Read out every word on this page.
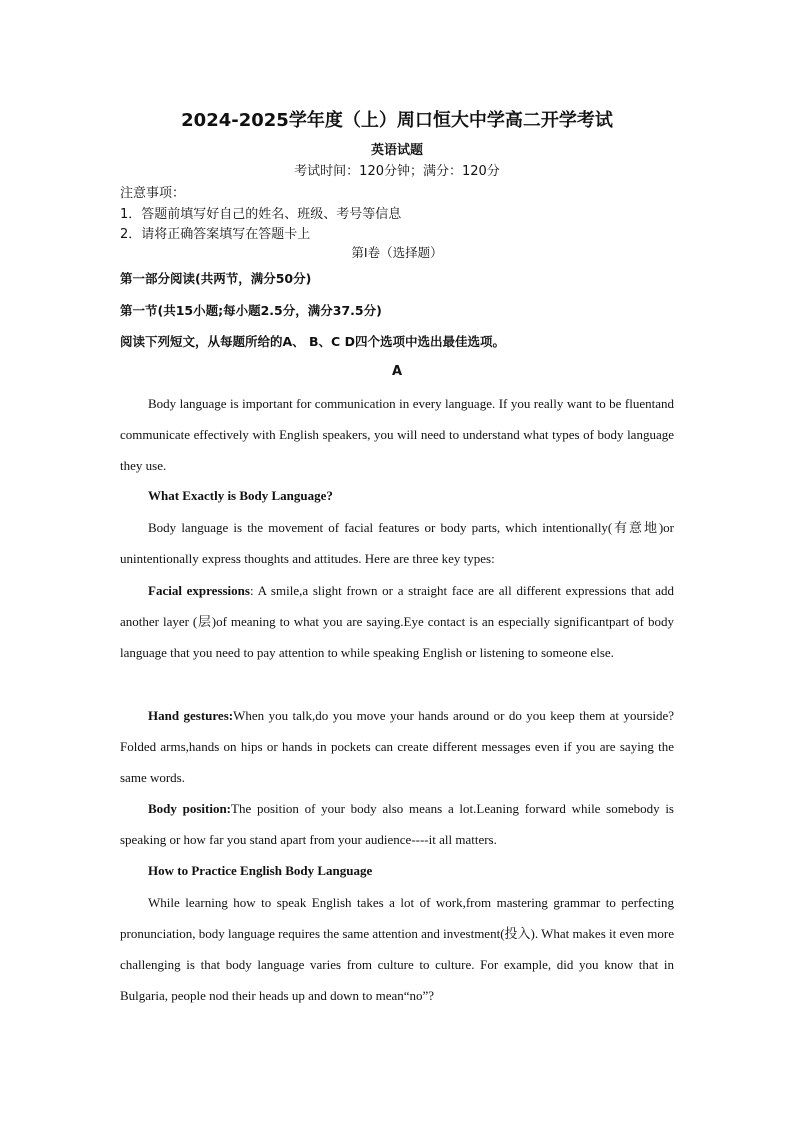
2024-2025学年度（上）周口恒大中学高二开学考试
英语试题
考试时间：120分钟；满分：120分
注意事项：
1．答题前填写好自己的姓名、班级、考号等信息
2．请将正确答案填写在答题卡上
第I卷（选择题）
第一部分阅读(共两节，满分50分)
第一节(共15小题;每小题2.5分，满分37.5分)
阅读下列短文，从每题所给的A、 B、C D四个选项中选出最佳选项。
A

Body language is important for communication in every language. If you really want to be fluentand communicate effectively with English speakers, you will need to understand what types of body language they use.

What Exactly is Body Language?

Body language is the movement of facial features or body parts, which intentionally(有意地)or unintentionally express thoughts and attitudes. Here are three key types:

Facial expressions: A smile,a slight frown or a straight face are all different expressions that add another layer (层)of meaning to what you are saying.Eye contact is an especially significantpart of body language that you need to pay attention to while speaking English or listening to someone else.

Hand gestures:When you talk,do you move your hands around or do you keep them at yourside?Folded arms,hands on hips or hands in pockets can create different messages even if you are saying the same words.

Body position:The position of your body also means a lot.Leaning forward while somebody is speaking or how far you stand apart from your audience----it all matters.

How to Practice English Body Language

While learning how to speak English takes a lot of work,from mastering grammar to perfecting pronunciation, body language requires the same attention and investment(投入). What makes it even more challenging is that body language varies from culture to culture. For example, did you know that in Bulgaria, people nod their heads up and down to mean“no”?
